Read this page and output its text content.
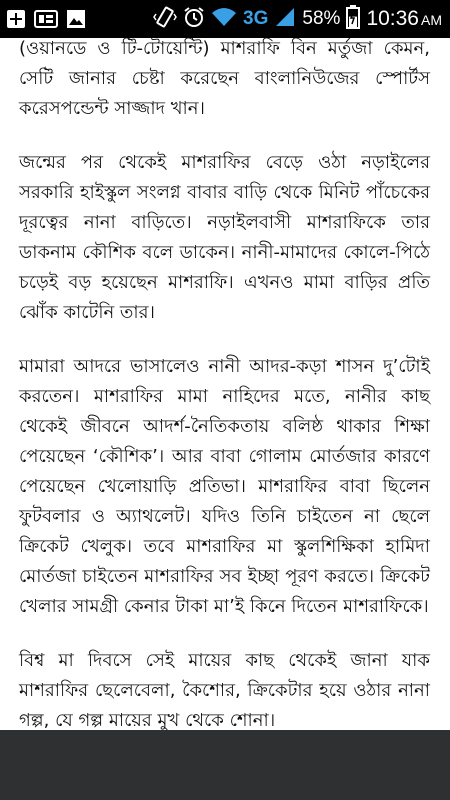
3G 58% 10:36 AM

(ওয়ানডে ও টি-টোয়েন্টি) মাশরাফি বিন মর্তুজা কেমন, সেটি জানার চেষ্টা করেছেন বাংলানিউজের স্পোর্টস করেসপন্ডেন্ট সাজ্জাদ খান।

জন্মের পর থেকেই মাশরাফির বেড়ে ওঠা নড়াইলের সরকারি হাইস্কুল সংলগ্ন বাবার বাড়ি থেকে মিনিট পাঁচেকের দূরত্বের নানা বাড়িতে। নড়াইলবাসী মাশরাফিকে তার ডাকনাম কৌশিক বলে ডাকেন। নানী-মামাদের কোলে-পিঠে চড়েই বড় হয়েছেন মাশরাফি। এখনও মামা বাড়ির প্রতি ঝোঁক কাটেনি তার।

মামারা আদরে ভাসালেও নানী আদর-কড়া শাসন দু’টোই করতেন। মাশরাফির মামা নাহিদের মতে, নানীর কাছ থেকেই জীবনে আদর্শ-নৈতিকতায় বলিষ্ঠ থাকার শিক্ষা পেয়েছেন ‘কৌশিক’। আর বাবা গোলাম মোর্তজার কারণে পেয়েছেন খেলোয়াড়ি প্রতিভা। মাশরাফির বাবা ছিলেন ফুটবলার ও অ্যাথলেট। যদিও তিনি চাইতেন না ছেলে ক্রিকেট খেলুক। তবে মাশরাফির মা স্কুলশিক্ষিকা হামিদা মোর্তজা চাইতেন মাশরাফির সব ইচ্ছা পূরণ করতে। ক্রিকেট খেলার সামগ্রী কেনার টাকা মা’ই কিনে দিতেন মাশরাফিকে।

বিশ্ব মা দিবসে সেই মায়ের কাছ থেকেই জানা যাক মাশরাফির ছেলেবেলা, কৈশোর, ক্রিকেটার হয়ে ওঠার নানা গল্প, যে গল্প মায়ের মুখ থেকে শোনা।
